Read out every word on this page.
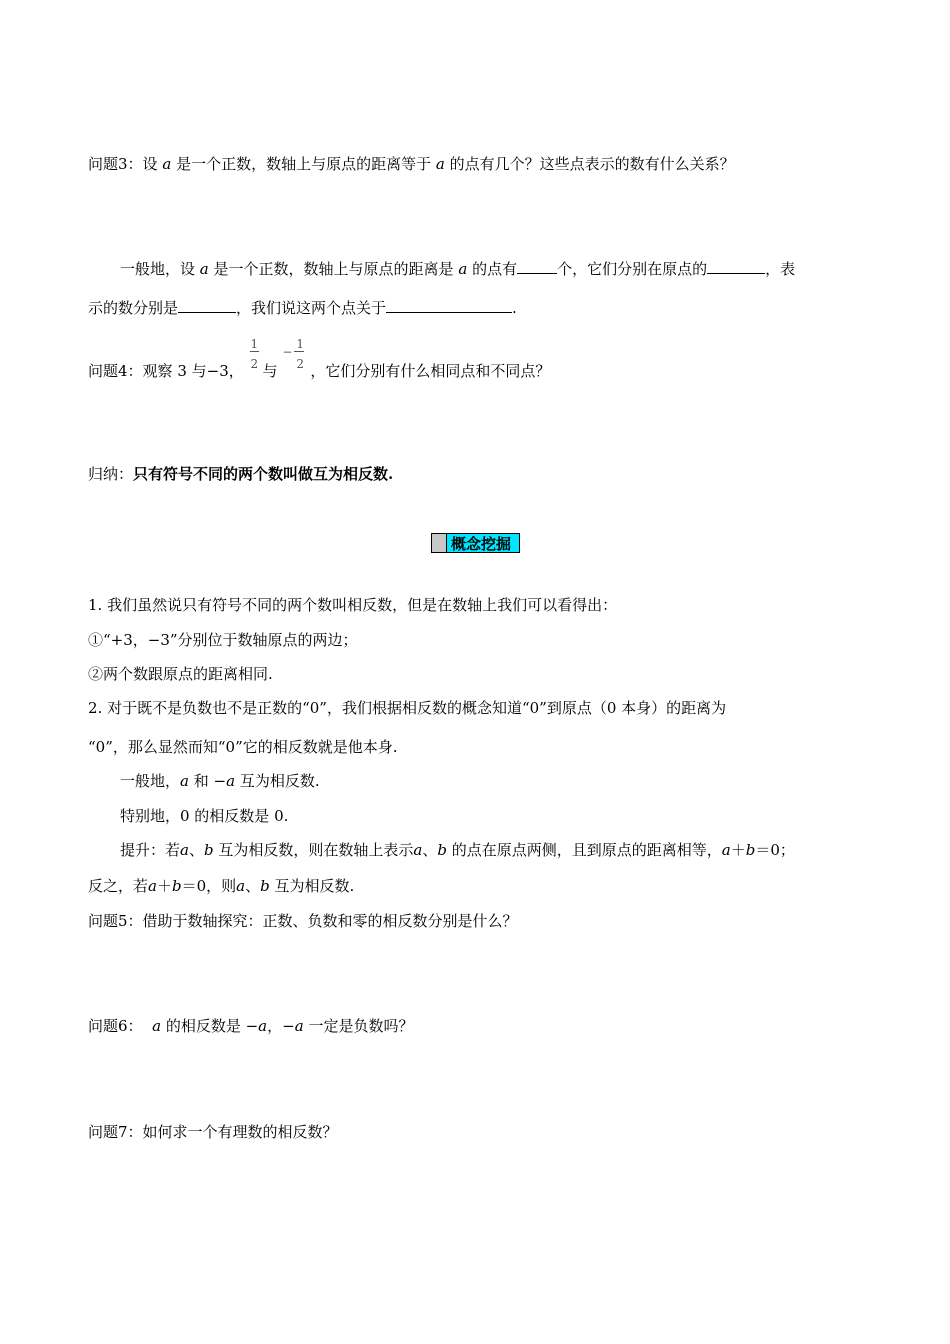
问题3：设 a 是一个正数，数轴上与原点的距离等于 a 的点有几个？这些点表示的数有什么关系？
一般地，设 a 是一个正数，数轴上与原点的距离是 a 的点有	个，它们分别在原点的	，表
示的数分别是	，我们说这两个点关于	.
问题4：观察 3 与−3， $\frac{1}{2}$ 与
−
1
2 ，它们分别有什么相同点和不同点？
归纳：只有符号不同的两个数叫做互为相反数.
概念挖掘
1. 我们虽然说只有符号不同的两个数叫相反数，但是在数轴上我们可以看得出：
①“+3，−3”分别位于数轴原点的两边；
②两个数跟原点的距离相同.
2. 对于既不是负数也不是正数的“0”，我们根据相反数的概念知道“0”到原点（0 本身）的距离为
“0”，那么显然而知“0”它的相反数就是他本身.
一般地，a 和 −a 互为相反数.
特别地，0 的相反数是 0.
提升：若a、b 互为相反数，则在数轴上表示a、b 的点在原点两侧，且到原点的距离相等，a＋b＝0；
反之，若a＋b＝0，则a、b 互为相反数.
问题5：借助于数轴探究：正数、负数和零的相反数分别是什么？
问题6： a 的相反数是 −a，−a 一定是负数吗？
问题7：如何求一个有理数的相反数？
